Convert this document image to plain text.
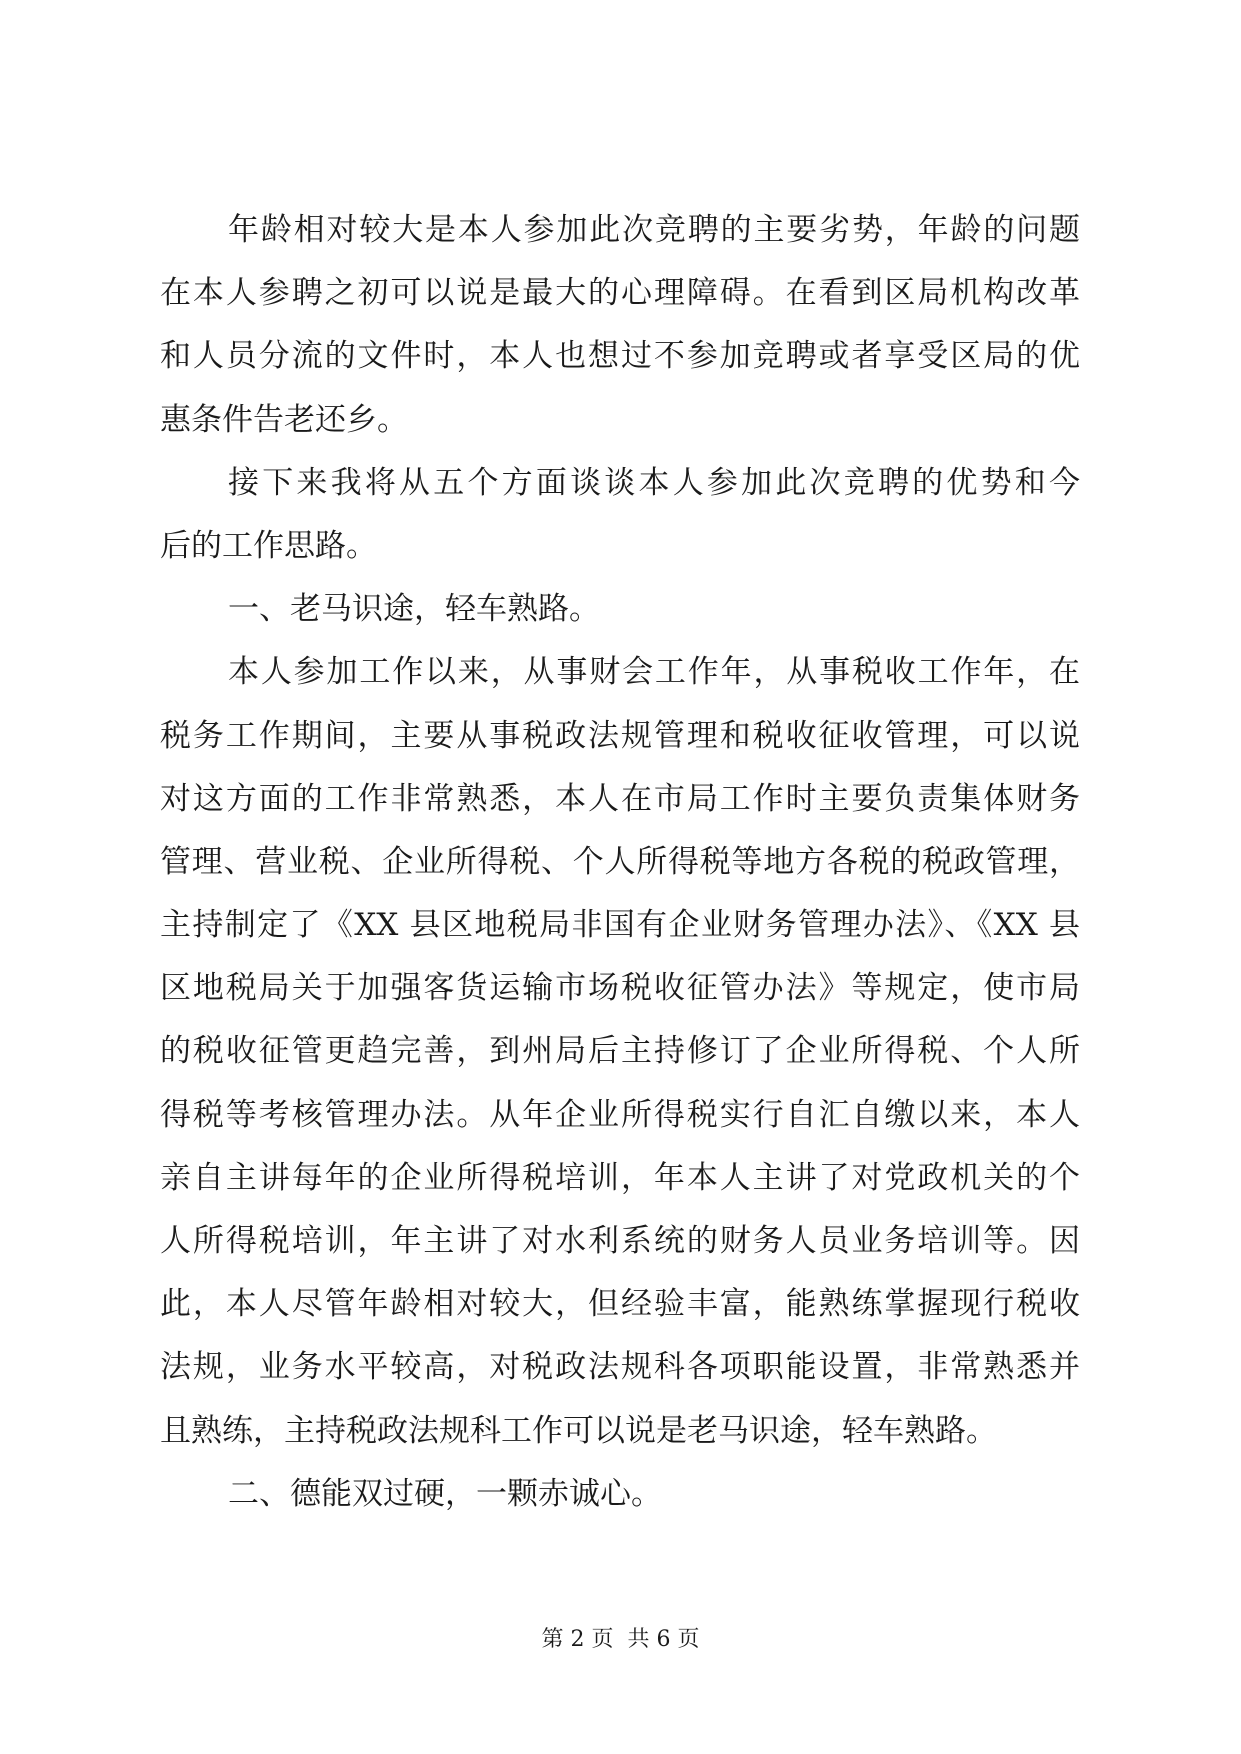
年龄相对较大是本人参加此次竞聘的主要劣势，年龄的问题
在本人参聘之初可以说是最大的心理障碍。在看到区局机构改革
和人员分流的文件时，本人也想过不参加竞聘或者享受区局的优
惠条件告老还乡。
接下来我将从五个方面谈谈本人参加此次竞聘的优势和今
后的工作思路。
一、老马识途，轻车熟路。
本人参加工作以来，从事财会工作年，从事税收工作年，在
税务工作期间，主要从事税政法规管理和税收征收管理，可以说
对这方面的工作非常熟悉，本人在市局工作时主要负责集体财务
管理、营业税、企业所得税、个人所得税等地方各税的税政管理，
主持制定了《XX 县区地税局非国有企业财务管理办法》、《XX 县
区地税局关于加强客货运输市场税收征管办法》等规定，使市局
的税收征管更趋完善，到州局后主持修订了企业所得税、个人所
得税等考核管理办法。从年企业所得税实行自汇自缴以来，本人
亲自主讲每年的企业所得税培训，年本人主讲了对党政机关的个
人所得税培训，年主讲了对水利系统的财务人员业务培训等。因
此，本人尽管年龄相对较大，但经验丰富，能熟练掌握现行税收
法规，业务水平较高，对税政法规科各项职能设置，非常熟悉并
且熟练，主持税政法规科工作可以说是老马识途，轻车熟路。
二、德能双过硬，一颗赤诚心。
第 2 页  共 6 页
